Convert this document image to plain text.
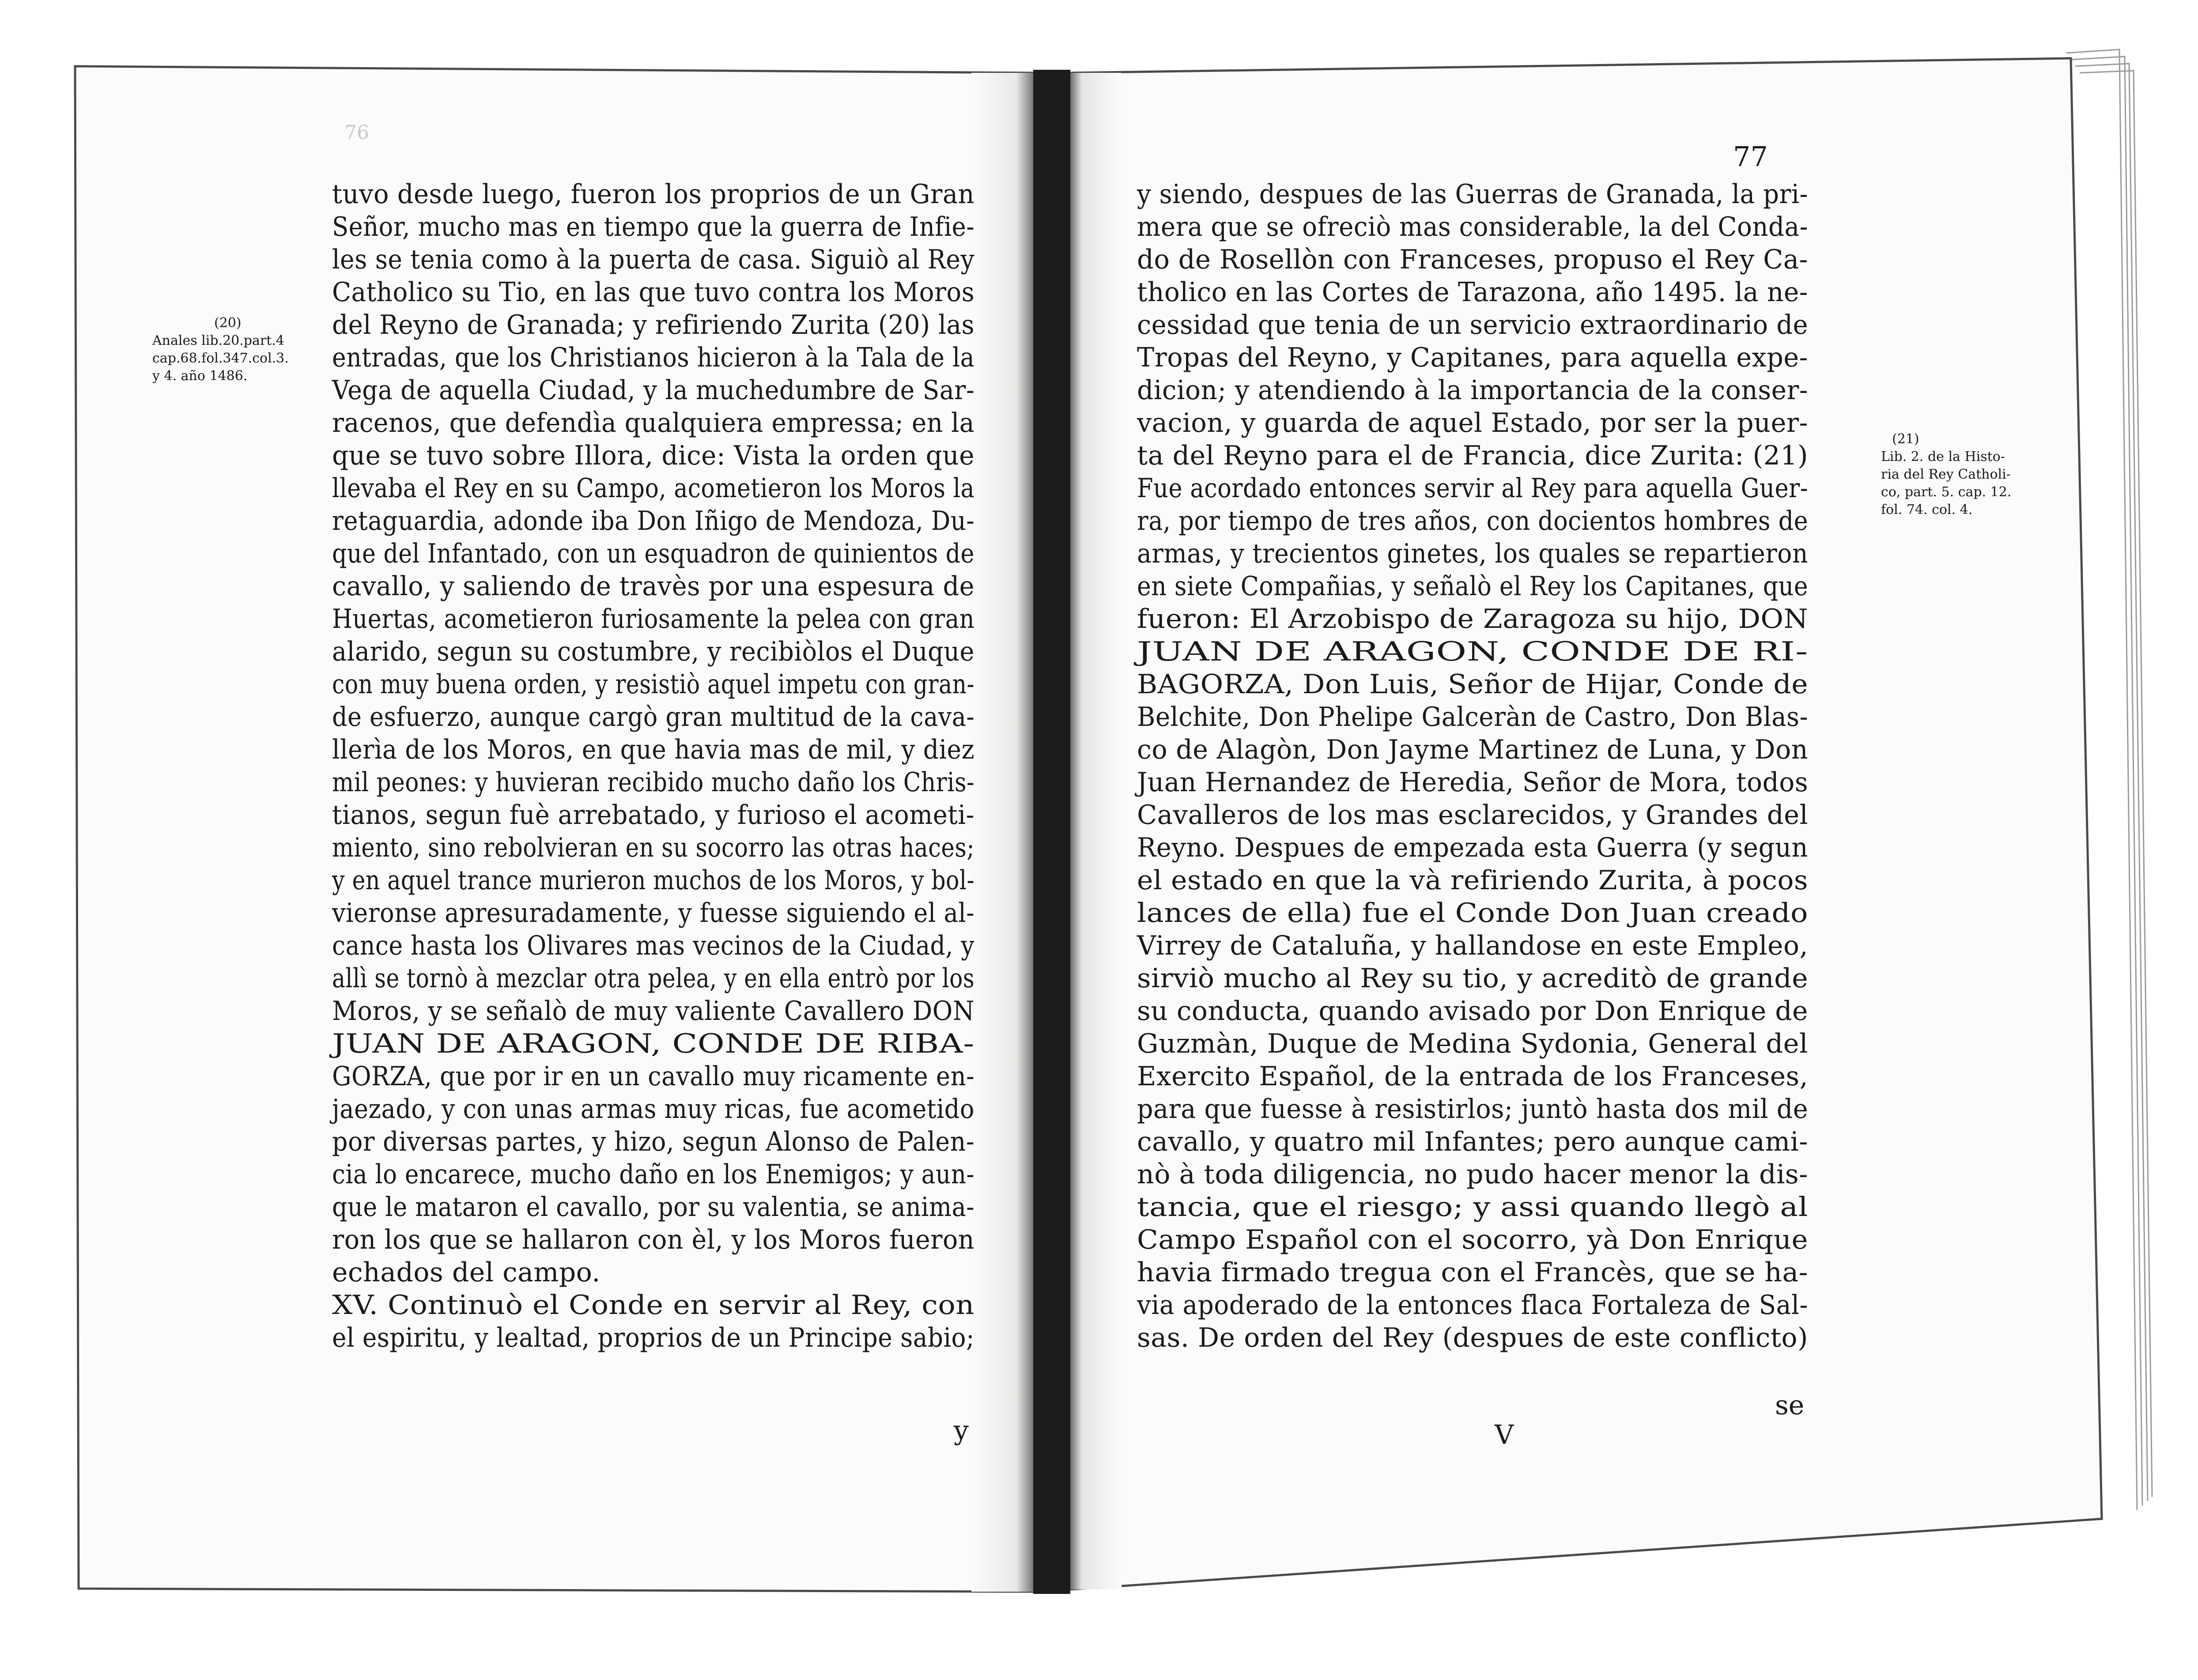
(20)
Anales lib.20.part.4
cap.68.fol.347.col.3.
y 4. año 1486.
tuvo desde luego, fueron los proprios de un Gran
Señor, mucho mas en tiempo que la guerra de Infie-
les se tenia como à la puerta de casa. Siguiò al Rey
Catholico su Tio, en las que tuvo contra los Moros
del Reyno de Granada; y refiriendo Zurita (20) las
entradas, que los Christianos hicieron à la Tala de la
Vega de aquella Ciudad, y la muchedumbre de Sar-
racenos, que defendìa qualquiera empressa; en la
que se tuvo sobre Illora, dice: Vista la orden que
llevaba el Rey en su Campo, acometieron los Moros la
retaguardia, adonde iba Don Iñigo de Mendoza, Du-
que del Infantado, con un esquadron de quinientos de
cavallo, y saliendo de travès por una espesura de
Huertas, acometieron furiosamente la pelea con gran
alarido, segun su costumbre, y recibiòlos el Duque
con muy buena orden, y resistiò aquel impetu con gran-
de esfuerzo, aunque cargò gran multitud de la cava-
llerìa de los Moros, en que havia mas de mil, y diez
mil peones: y huvieran recibido mucho daño los Chris-
tianos, segun fuè arrebatado, y furioso el acometi-
miento, sino rebolvieran en su socorro las otras haces;
y en aquel trance murieron muchos de los Moros, y bol-
vieronse apresuradamente, y fuesse siguiendo el al-
cance hasta los Olivares mas vecinos de la Ciudad, y
allì se tornò à mezclar otra pelea, y en ella entrò por los
Moros, y se señalò de muy valiente Cavallero DON
JUAN DE ARAGON, CONDE DE RIBA-
GORZA, que por ir en un cavallo muy ricamente en-
jaezado, y con unas armas muy ricas, fue acometido
por diversas partes, y hizo, segun Alonso de Palen-
cia lo encarece, mucho daño en los Enemigos; y aun-
que le mataron el cavallo, por su valentia, se anima-
ron los que se hallaron con èl, y los Moros fueron
echados del campo.
XV. Continuò el Conde en servir al Rey, con
el espiritu, y lealtad, proprios de un Principe sabio;
y
76
77
(21)
Lib. 2. de la Histo-
ria del Rey Catholi-
co, part. 5. cap. 12.
fol. 74. col. 4.
y siendo, despues de las Guerras de Granada, la pri-
mera que se ofreciò mas considerable, la del Conda-
do de Rosellòn con Franceses, propuso el Rey Ca-
tholico en las Cortes de Tarazona, año 1495. la ne-
cessidad que tenia de un servicio extraordinario de
Tropas del Reyno, y Capitanes, para aquella expe-
dicion; y atendiendo à la importancia de la conser-
vacion, y guarda de aquel Estado, por ser la puer-
ta del Reyno para el de Francia, dice Zurita: (21)
Fue acordado entonces servir al Rey para aquella Guer-
ra, por tiempo de tres años, con docientos hombres de
armas, y trecientos ginetes, los quales se repartieron
en siete Compañias, y señalò el Rey los Capitanes, que
fueron: El Arzobispo de Zaragoza su hijo, DON
JUAN DE ARAGON, CONDE DE RI-
BAGORZA, Don Luis, Señor de Hijar, Conde de
Belchite, Don Phelipe Galceràn de Castro, Don Blas-
co de Alagòn, Don Jayme Martinez de Luna, y Don
Juan Hernandez de Heredia, Señor de Mora, todos
Cavalleros de los mas esclarecidos, y Grandes del
Reyno. Despues de empezada esta Guerra (y segun
el estado en que la và refiriendo Zurita, à pocos
lances de ella) fue el Conde Don Juan creado
Virrey de Cataluña, y hallandose en este Empleo,
sirviò mucho al Rey su tio, y acreditò de grande
su conducta, quando avisado por Don Enrique de
Guzmàn, Duque de Medina Sydonia, General del
Exercito Español, de la entrada de los Franceses,
para que fuesse à resistirlos; juntò hasta dos mil de
cavallo, y quatro mil Infantes; pero aunque cami-
nò à toda diligencia, no pudo hacer menor la dis-
tancia, que el riesgo; y assi quando llegò al
Campo Español con el socorro, yà Don Enrique
havia firmado tregua con el Francès, que se ha-
via apoderado de la entonces flaca Fortaleza de Sal-
sas. De orden del Rey (despues de este conflicto)
V
se
